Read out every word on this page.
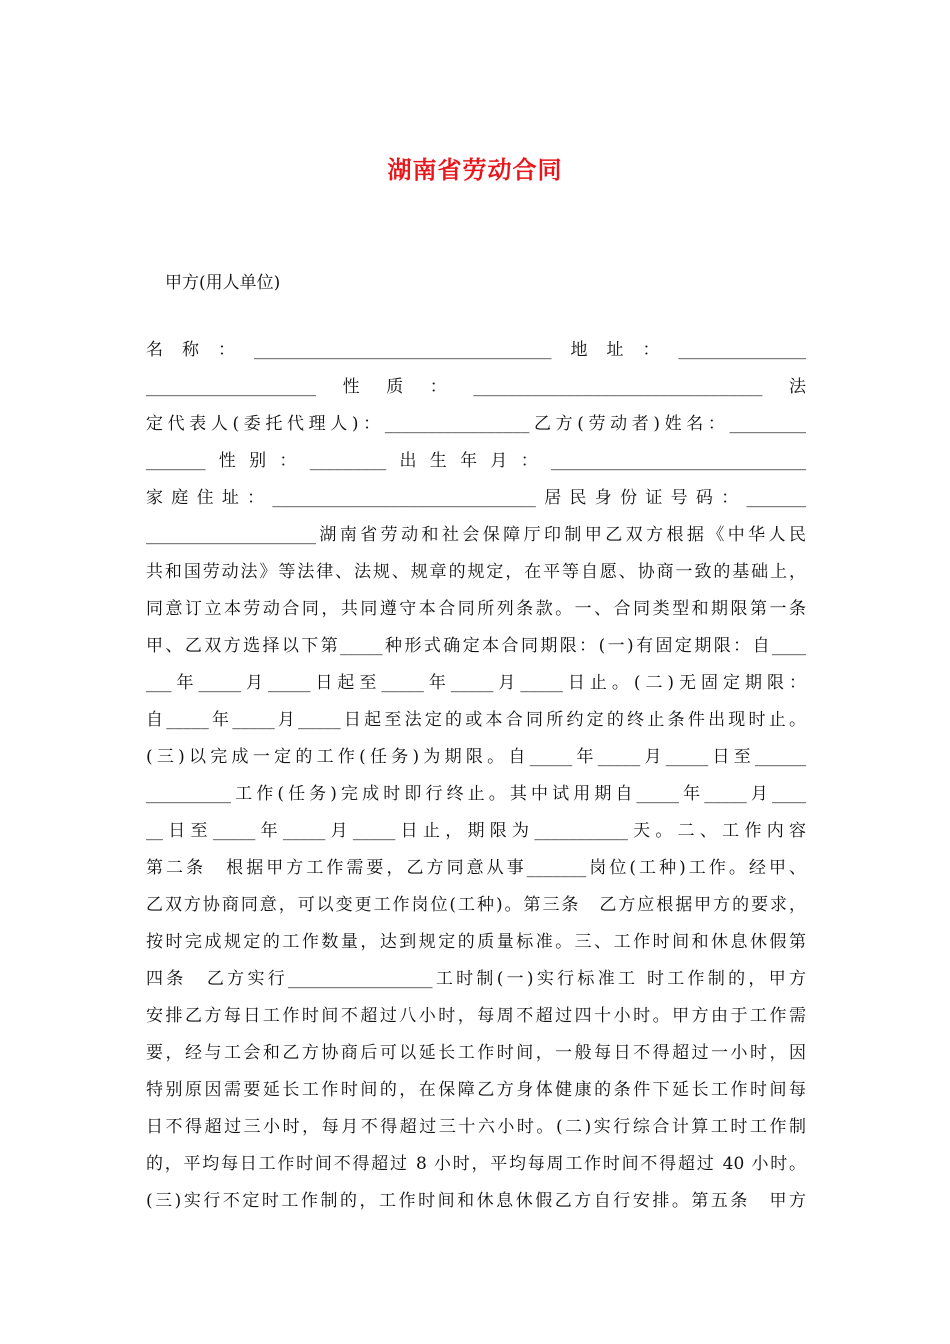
湖南省劳动合同
甲方(用人单位)
名称：___________________________________地址：_______________
____________________性质：__________________________________法
定代表人(委托代理人)：_________________乙方(劳动者)姓名：_________
_______性别：_________出生年月：______________________________
家庭住址：_______________________________居民身份证号码：_______
____________________湖南省劳动和社会保障厅印制甲乙双方根据《中华人民
共和国劳动法》等法律、法规、规章的规定，在平等自愿、协商一致的基础上，
同意订立本劳动合同，共同遵守本合同所列条款。一、合同类型和期限第一条
甲、乙双方选择以下第_____种形式确定本合同期限：(一)有固定期限：自____
___年_____月_____日起至_____年_____月_____日止。(二)无固定期限：
自_____年_____月_____日起至法定的或本合同所约定的终止条件出现时止。
(三)以完成一定的工作(任务)为期限。自_____年_____月_____日至______
__________工作(任务)完成时即行终止。其中试用期自_____年_____月____
__日至_____年_____月_____日止，期限为___________天。二、工作内容
第二条　根据甲方工作需要，乙方同意从事_______岗位(工种)工作。经甲、
乙双方协商同意，可以变更工作岗位(工种)。第三条　乙方应根据甲方的要求，
按时完成规定的工作数量，达到规定的质量标准。三、工作时间和休息休假第
四条　乙方实行_________________工时制(一)实行标准工 时工作制的，甲方
安排乙方每日工作时间不超过八小时，每周不超过四十小时。甲方由于工作需
要，经与工会和乙方协商后可以延长工作时间，一般每日不得超过一小时，因
特别原因需要延长工作时间的，在保障乙方身体健康的条件下延长工作时间每
日不得超过三小时，每月不得超过三十六小时。(二)实行综合计算工时工作制
的，平均每日工作时间不得超过 8 小时，平均每周工作时间不得超过 40 小时。
(三)实行不定时工作制的，工作时间和休息休假乙方自行安排。第五条　甲方
